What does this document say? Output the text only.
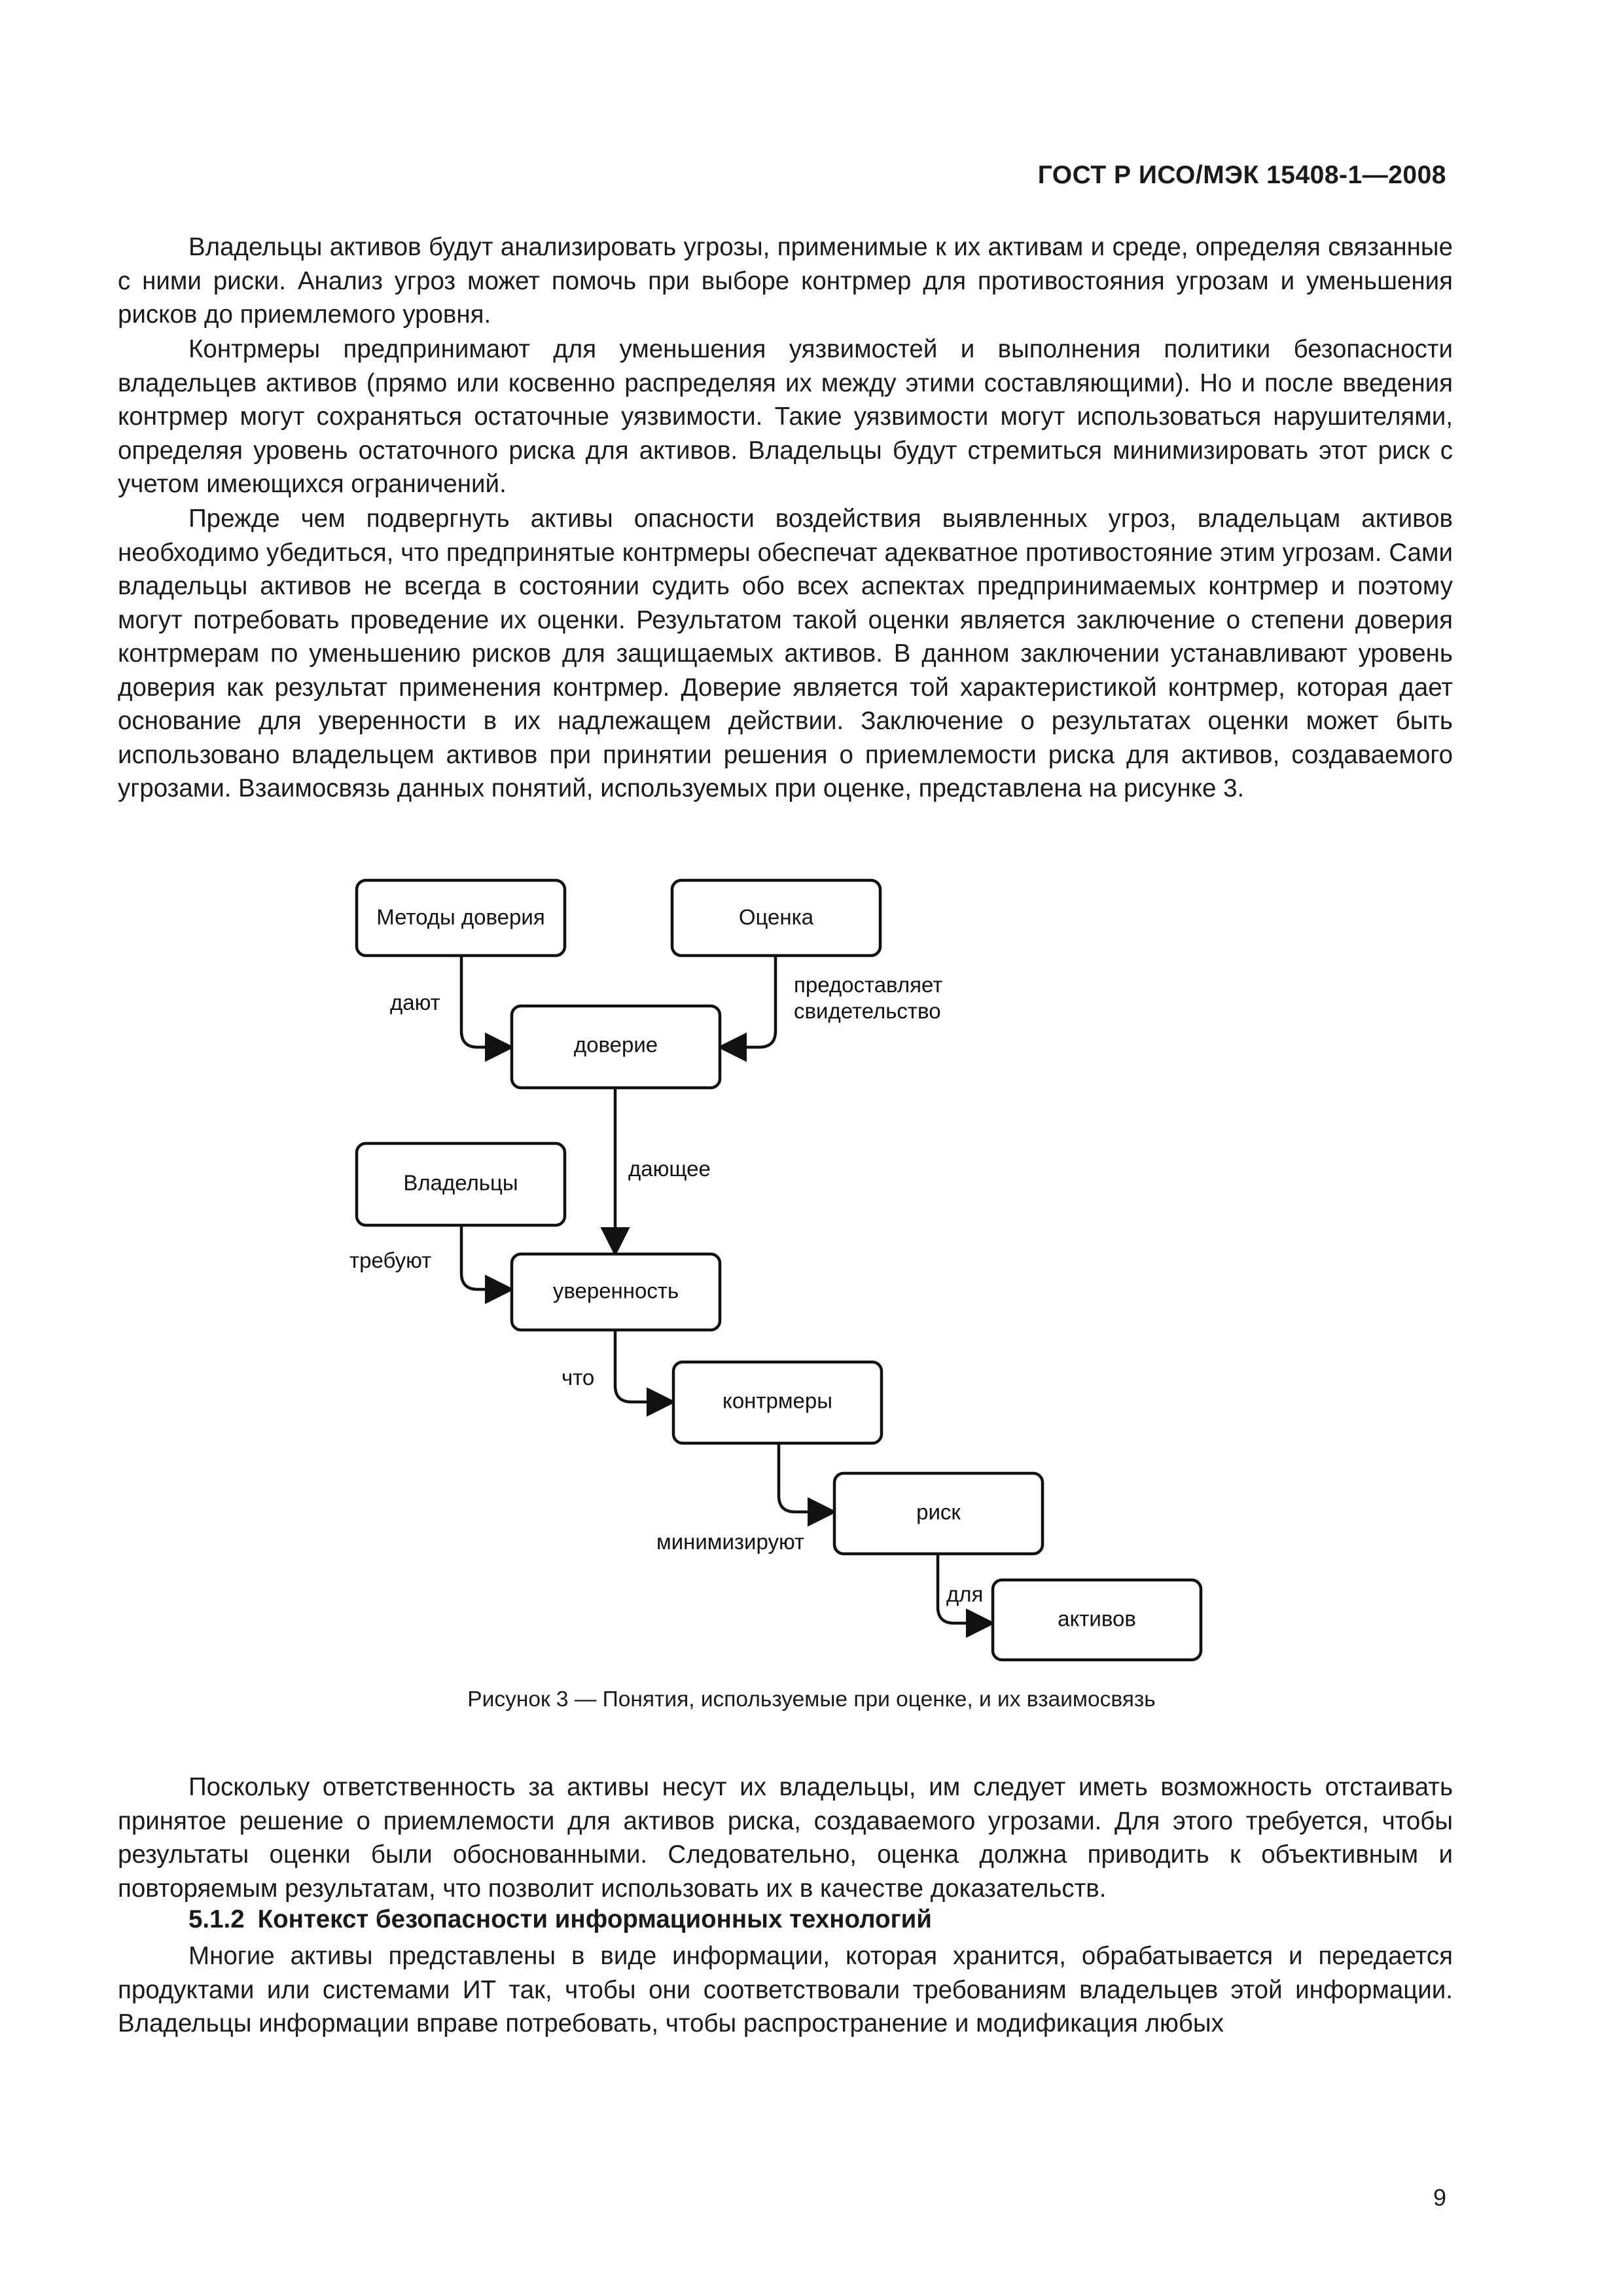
ГОСТ Р ИСО/МЭК 15408-1—2008

Владельцы активов будут анализировать угрозы, применимые к их активам и среде, определяя связанные с ними риски. Анализ угроз может помочь при выборе контрмер для противостояния угрозам и уменьшения рисков до приемлемого уровня.

Контрмеры предпринимают для уменьшения уязвимостей и выполнения политики безопасности владельцев активов (прямо или косвенно распределяя их между этими составляющими). Но и после введения контрмер могут сохраняться остаточные уязвимости. Такие уязвимости могут использоваться нарушителями, определяя уровень остаточного риска для активов. Владельцы будут стремиться минимизировать этот риск с учетом имеющихся ограничений.

Прежде чем подвергнуть активы опасности воздействия выявленных угроз, владельцам активов необходимо убедиться, что предпринятые контрмеры обеспечат адекватное противостояние этим угрозам. Сами владельцы активов не всегда в состоянии судить обо всех аспектах предпринимаемых контрмер и поэтому могут потребовать проведение их оценки. Результатом такой оценки является заключение о степени доверия контрмерам по уменьшению рисков для защищаемых активов. В данном заключении устанавливают уровень доверия как результат применения контрмер. Доверие является той характеристикой контрмер, которая дает основание для уверенности в их надлежащем действии. Заключение о результатах оценки может быть использовано владельцем активов при принятии решения о приемлемости риска для активов, создаваемого угрозами. Взаимосвязь данных понятий, используемых при оценке, представлена на рисунке 3.

Методы доверия	Оценка
доверие
Владельцы
уверенность
контрмеры
риск
активов
дают
предоставляет
свидетельство
дающее
требуют
что
минимизируют
для
Рисунок 3 — Понятия, используемые при оценке, и их взаимосвязь

Поскольку ответственность за активы несут их владельцы, им следует иметь возможность отстаивать принятое решение о приемлемости для активов риска, создаваемого угрозами. Для этого требуется, чтобы результаты оценки были обоснованными. Следовательно, оценка должна приводить к объективным и повторяемым результатам, что позволит использовать их в качестве доказательств.

5.1.2 Контекст безопасности информационных технологий

Многие активы представлены в виде информации, которая хранится, обрабатывается и передается продуктами или системами ИТ так, чтобы они соответствовали требованиям владельцев этой информации. Владельцы информации вправе потребовать, чтобы распространение и модификация любых

9
